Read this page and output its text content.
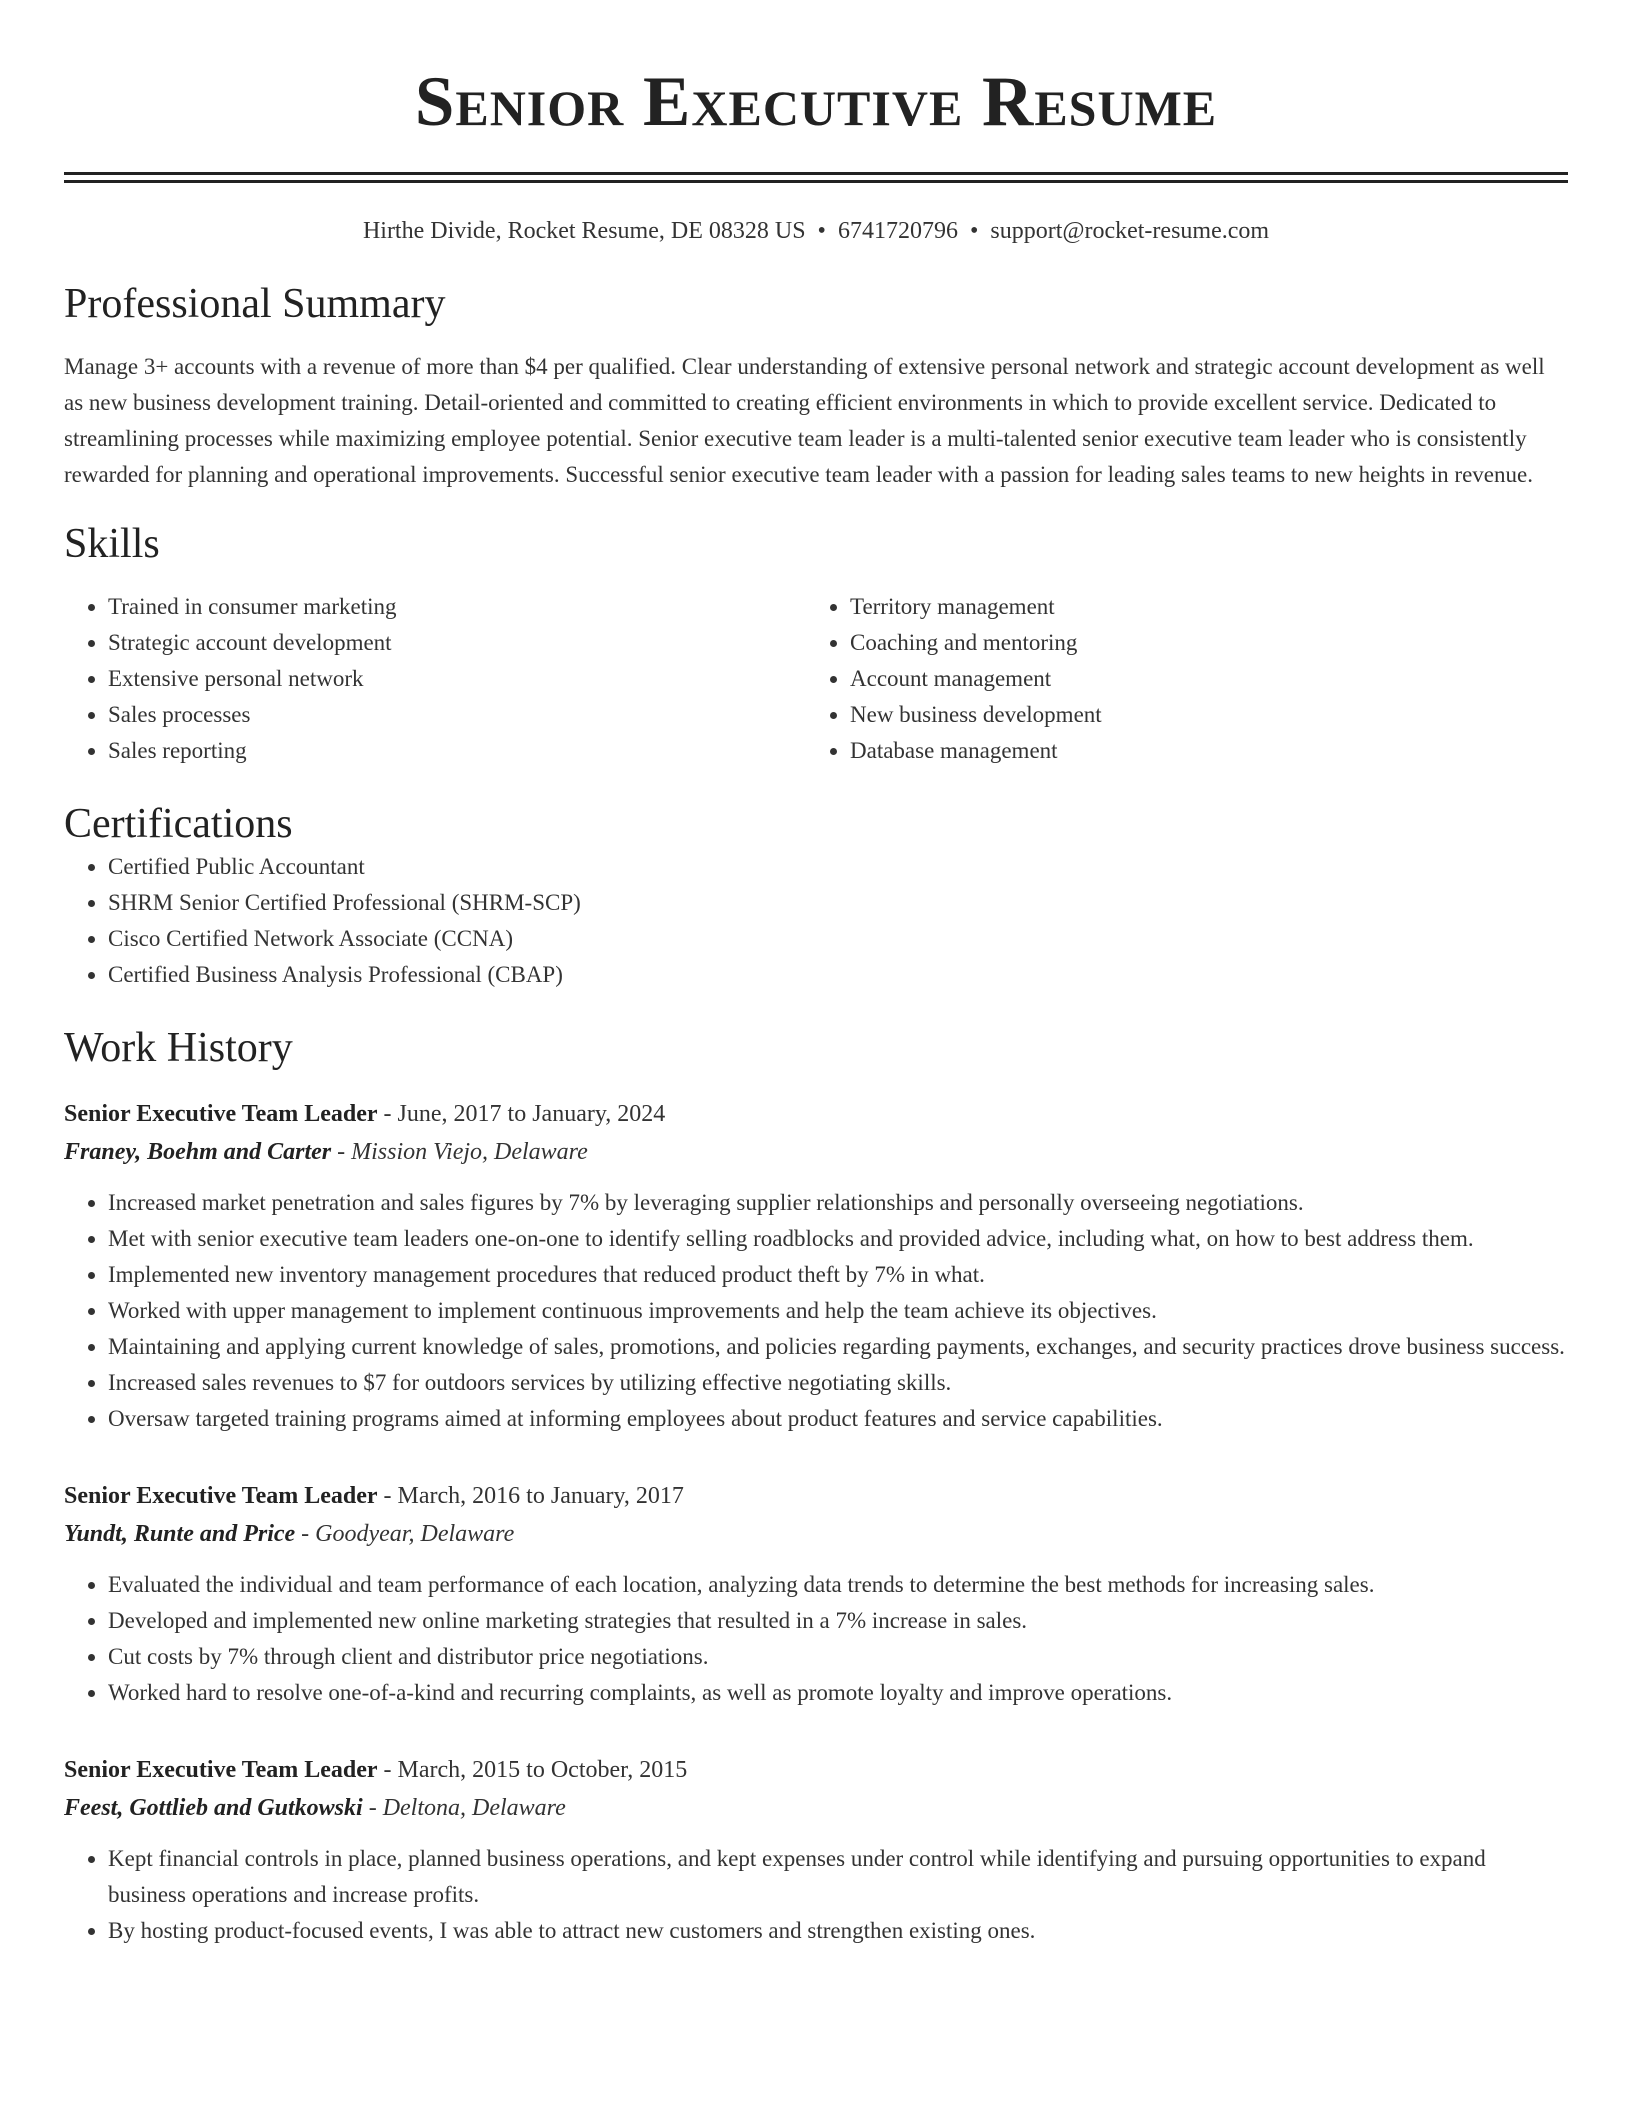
Senior Executive Resume
Hirthe Divide, Rocket Resume, DE 08328 US • 6741720796 • support@rocket-resume.com
Professional Summary

Manage 3+ accounts with a revenue of more than $4 per qualified. Clear understanding of extensive personal network and strategic account development as well as new business development training. Detail-oriented and committed to creating efficient environments in which to provide excellent service. Dedicated to streamlining processes while maximizing employee potential. Senior executive team leader is a multi-talented senior executive team leader who is consistently rewarded for planning and operational improvements. Successful senior executive team leader with a passion for leading sales teams to new heights in revenue.

Skills
• Trained in consumer marketing
• Strategic account development
• Extensive personal network
• Sales processes
• Sales reporting
• Territory management
• Coaching and mentoring
• Account management
• New business development
• Database management
Certifications
• Certified Public Accountant
• SHRM Senior Certified Professional (SHRM-SCP)
• Cisco Certified Network Associate (CCNA)
• Certified Business Analysis Professional (CBAP)
Work History
Senior Executive Team Leader - June, 2017 to January, 2024
Franey, Boehm and Carter - Mission Viejo, Delaware
• Increased market penetration and sales figures by 7% by leveraging supplier relationships and personally overseeing negotiations.
• Met with senior executive team leaders one-on-one to identify selling roadblocks and provided advice, including what, on how to best address them.
• Implemented new inventory management procedures that reduced product theft by 7% in what.
• Worked with upper management to implement continuous improvements and help the team achieve its objectives.
• Maintaining and applying current knowledge of sales, promotions, and policies regarding payments, exchanges, and security practices drove business success.
• Increased sales revenues to $7 for outdoors services by utilizing effective negotiating skills.
• Oversaw targeted training programs aimed at informing employees about product features and service capabilities.
Senior Executive Team Leader - March, 2016 to January, 2017
Yundt, Runte and Price - Goodyear, Delaware
• Evaluated the individual and team performance of each location, analyzing data trends to determine the best methods for increasing sales.
• Developed and implemented new online marketing strategies that resulted in a 7% increase in sales.
• Cut costs by 7% through client and distributor price negotiations.
• Worked hard to resolve one-of-a-kind and recurring complaints, as well as promote loyalty and improve operations.
Senior Executive Team Leader - March, 2015 to October, 2015
Feest, Gottlieb and Gutkowski - Deltona, Delaware
• Kept financial controls in place, planned business operations, and kept expenses under control while identifying and pursuing opportunities to expand business operations and increase profits.
• By hosting product-focused events, I was able to attract new customers and strengthen existing ones.
